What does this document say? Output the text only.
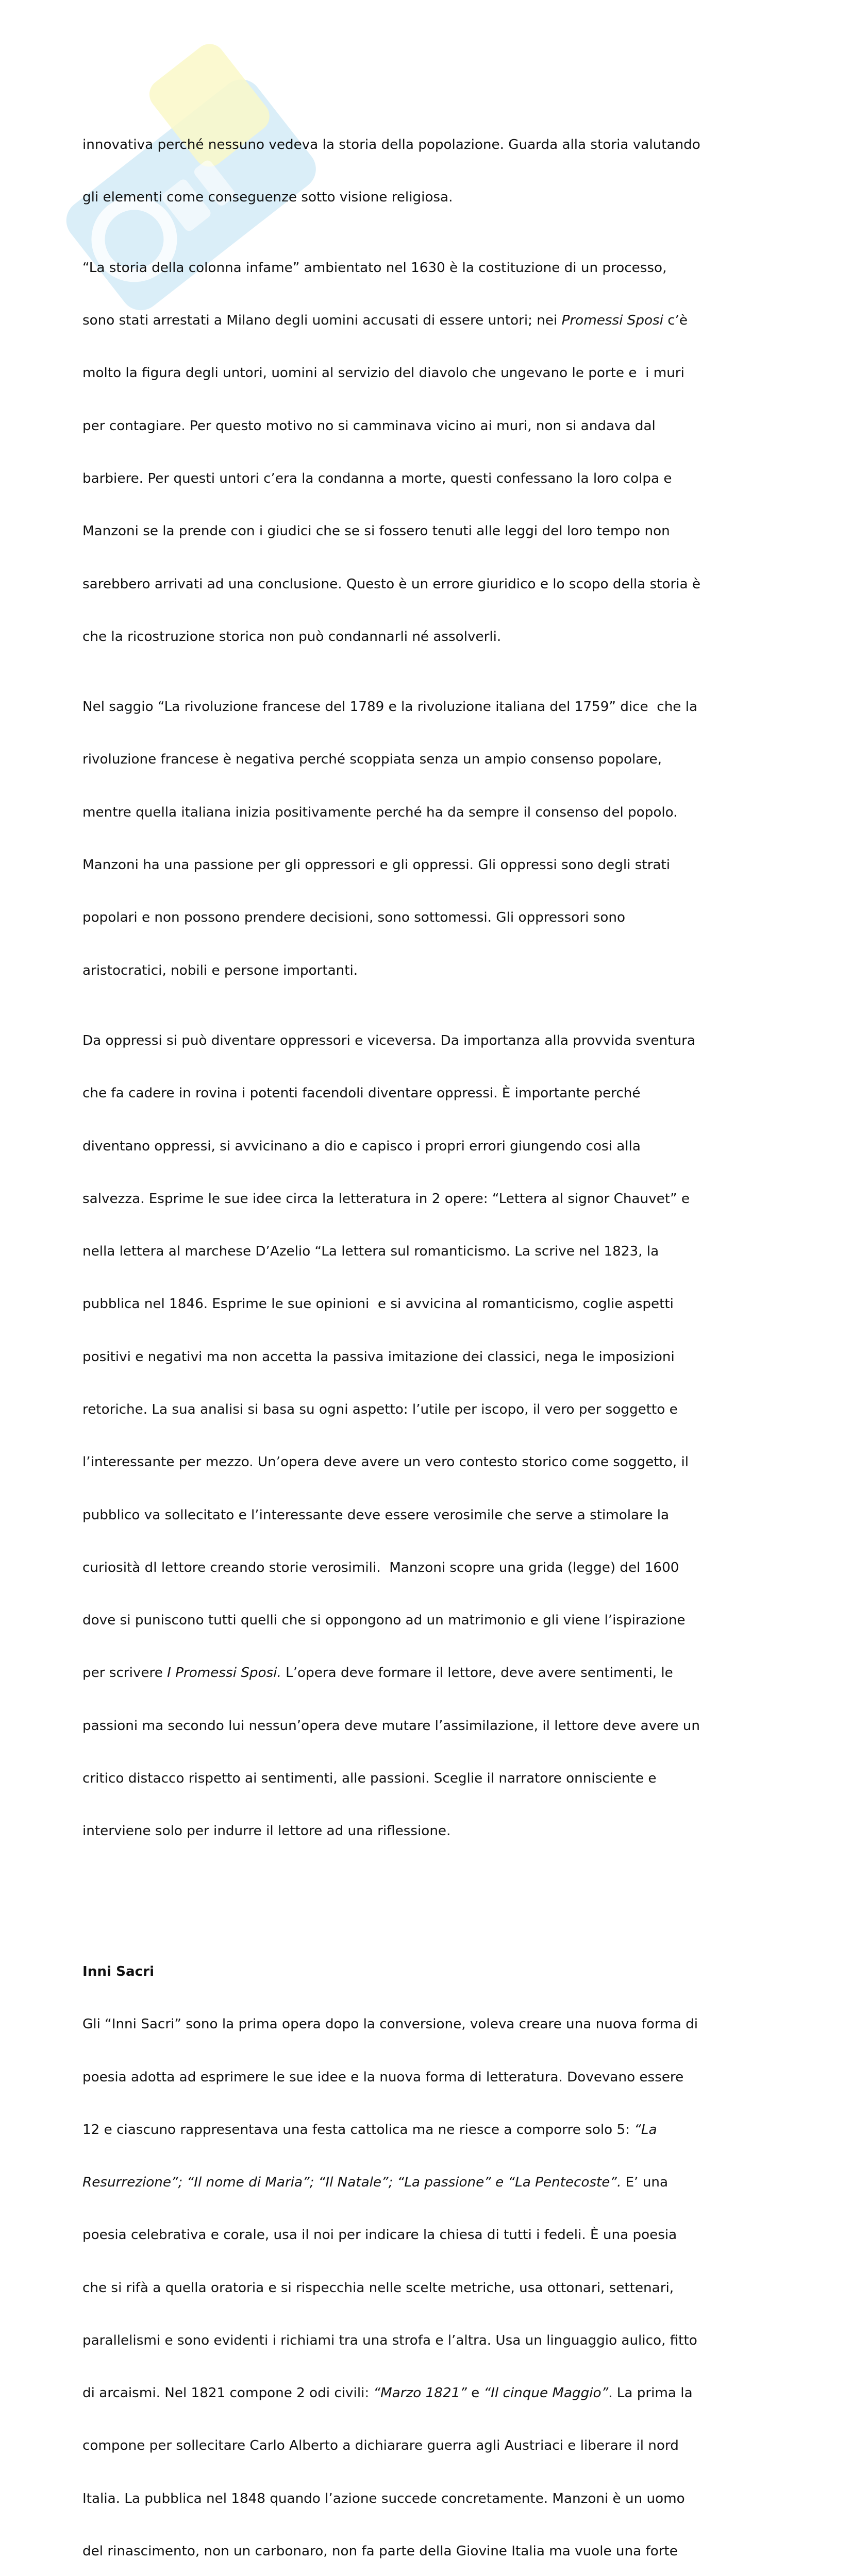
innovativa perché nessuno vedeva la storia della popolazione. Guarda alla storia valutando

gli elementi come conseguenze sotto visione religiosa.

“La storia della colonna infame” ambientato nel 1630 è la costituzione di un processo,

sono stati arrestati a Milano degli uomini accusati di essere untori; nei Promessi Sposi c’è

molto la figura degli untori, uomini al servizio del diavolo che ungevano le porte e  i muri

per contagiare. Per questo motivo no si camminava vicino ai muri, non si andava dal

barbiere. Per questi untori c’era la condanna a morte, questi confessano la loro colpa e

Manzoni se la prende con i giudici che se si fossero tenuti alle leggi del loro tempo non

sarebbero arrivati ad una conclusione. Questo è un errore giuridico e lo scopo della storia è

che la ricostruzione storica non può condannarli né assolverli.

Nel saggio “La rivoluzione francese del 1789 e la rivoluzione italiana del 1759” dice  che la

rivoluzione francese è negativa perché scoppiata senza un ampio consenso popolare,

mentre quella italiana inizia positivamente perché ha da sempre il consenso del popolo.

Manzoni ha una passione per gli oppressori e gli oppressi. Gli oppressi sono degli strati

popolari e non possono prendere decisioni, sono sottomessi. Gli oppressori sono

aristocratici, nobili e persone importanti.

Da oppressi si può diventare oppressori e viceversa. Da importanza alla provvida sventura

che fa cadere in rovina i potenti facendoli diventare oppressi. È importante perché

diventano oppressi, si avvicinano a dio e capisco i propri errori giungendo cosi alla

salvezza. Esprime le sue idee circa la letteratura in 2 opere: “Lettera al signor Chauvet” e

nella lettera al marchese D’Azelio “La lettera sul romanticismo. La scrive nel 1823, la

pubblica nel 1846. Esprime le sue opinioni  e si avvicina al romanticismo, coglie aspetti

positivi e negativi ma non accetta la passiva imitazione dei classici, nega le imposizioni

retoriche. La sua analisi si basa su ogni aspetto: l’utile per iscopo, il vero per soggetto e

l’interessante per mezzo. Un’opera deve avere un vero contesto storico come soggetto, il

pubblico va sollecitato e l’interessante deve essere verosimile che serve a stimolare la

curiosità dl lettore creando storie verosimili.  Manzoni scopre una grida (legge) del 1600

dove si puniscono tutti quelli che si oppongono ad un matrimonio e gli viene l’ispirazione

per scrivere I Promessi Sposi. L’opera deve formare il lettore, deve avere sentimenti, le

passioni ma secondo lui nessun’opera deve mutare l’assimilazione, il lettore deve avere un

critico distacco rispetto ai sentimenti, alle passioni. Sceglie il narratore onnisciente e

interviene solo per indurre il lettore ad una riflessione.

Inni Sacri

Gli “Inni Sacri” sono la prima opera dopo la conversione, voleva creare una nuova forma di

poesia adotta ad esprimere le sue idee e la nuova forma di letteratura. Dovevano essere

12 e ciascuno rappresentava una festa cattolica ma ne riesce a comporre solo 5: “La

Resurrezione”; “Il nome di Maria”; “Il Natale”; “La passione” e “La Pentecoste”. E’ una

poesia celebrativa e corale, usa il noi per indicare la chiesa di tutti i fedeli. È una poesia

che si rifà a quella oratoria e si rispecchia nelle scelte metriche, usa ottonari, settenari,

parallelismi e sono evidenti i richiami tra una strofa e l’altra. Usa un linguaggio aulico, fitto

di arcaismi. Nel 1821 compone 2 odi civili: “Marzo 1821” e “Il cinque Maggio”. La prima la

compone per sollecitare Carlo Alberto a dichiarare guerra agli Austriaci e liberare il nord

Italia. La pubblica nel 1848 quando l’azione succede concretamente. Manzoni è un uomo

del rinascimento, non un carbonaro, non fa parte della Giovine Italia ma vuole una forte
